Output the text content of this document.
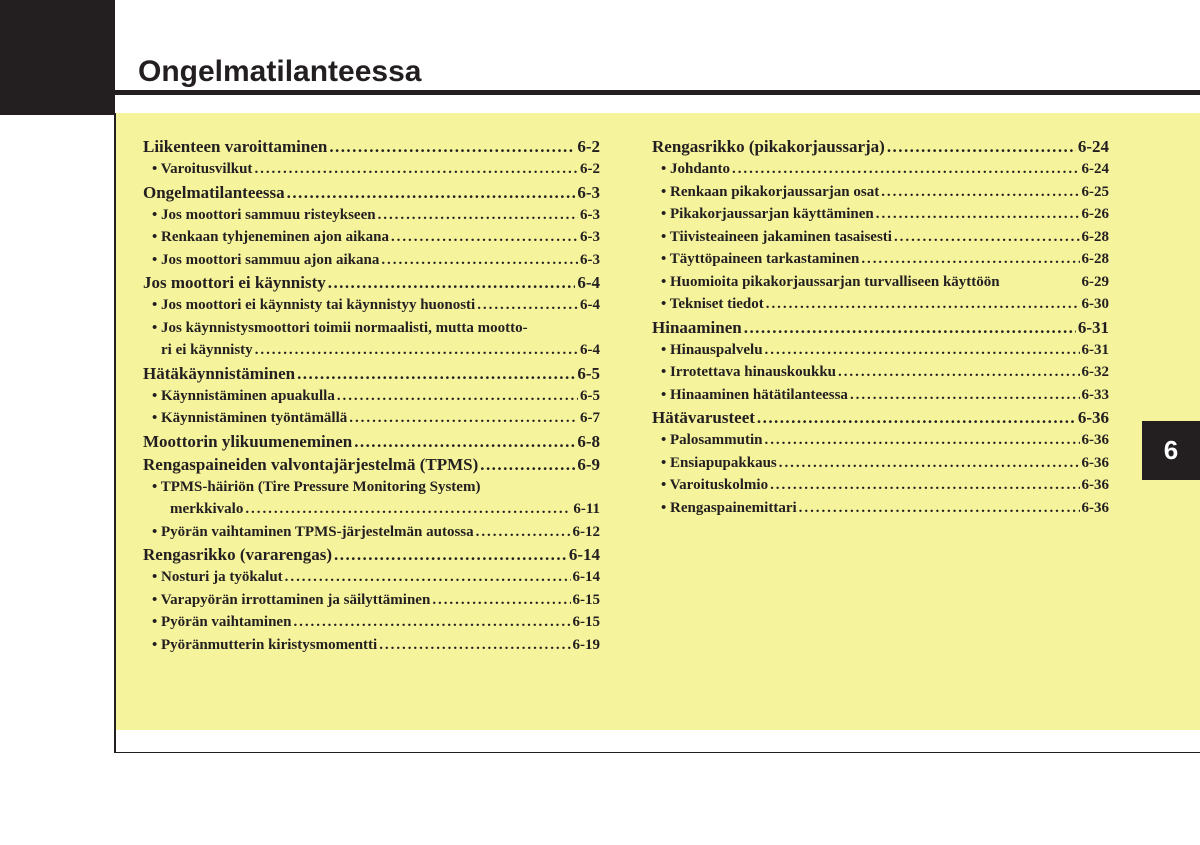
Ongelmatilanteessa
6
Liikenteen varoittaminen . . .	6-2
• Varoitusvilkut . . .	6-2
Ongelmatilanteessa . . .	6-3
• Jos moottori sammuu risteykseen . . .	6-3
• Renkaan tyhjeneminen ajon aikana . . .	6-3
• Jos moottori sammuu ajon aikana . . .	6-3
Jos moottori ei käynnisty . . .	6-4
• Jos moottori ei käynnisty tai käynnistyy huonosti . . .	6-4
• Jos käynnistysmoottori toimii normaalisti, mutta mootto-
ri ei käynnisty . . .	6-4
Hätäkäynnistäminen . . .	6-5
• Käynnistäminen apuakulla . . .	6-5
• Käynnistäminen työntämällä . . .	6-7
Moottorin ylikuumeneminen . . .	6-8
Rengaspaineiden valvontajärjestelmä (TPMS) . . .	6-9
• TPMS-häiriön (Tire Pressure Monitoring System)
merkkivalo . . .	6-11
• Pyörän vaihtaminen TPMS-järjestelmän autossa . . .	6-12
Rengasrikko (vararengas) . . .	6-14
• Nosturi ja työkalut . . .	6-14
• Varapyörän irrottaminen ja säilyttäminen . . .	6-15
• Pyörän vaihtaminen . . .	6-15
• Pyöränmutterin kiristysmomentti . . .	6-19
Rengasrikko (pikakorjaussarja) . . .	6-24
• Johdanto . . .	6-24
• Renkaan pikakorjaussarjan osat . . .	6-25
• Pikakorjaussarjan käyttäminen . . .	6-26
• Tiivisteaineen jakaminen tasaisesti . . .	6-28
• Täyttöpaineen tarkastaminen . . .	6-28
• Huomioita pikakorjaussarjan turvalliseen käyttöön	6-29
• Tekniset tiedot . . .	6-30
Hinaaminen . . .	6-31
• Hinauspalvelu . . .	6-31
• Irrotettava hinauskoukku . . .	6-32
• Hinaaminen hätätilanteessa . . .	6-33
Hätävarusteet . . .	6-36
• Palosammutin . . .	6-36
• Ensiapupakkaus . . .	6-36
• Varoituskolmio . . .	6-36
• Rengaspainemittari . . .	6-36
